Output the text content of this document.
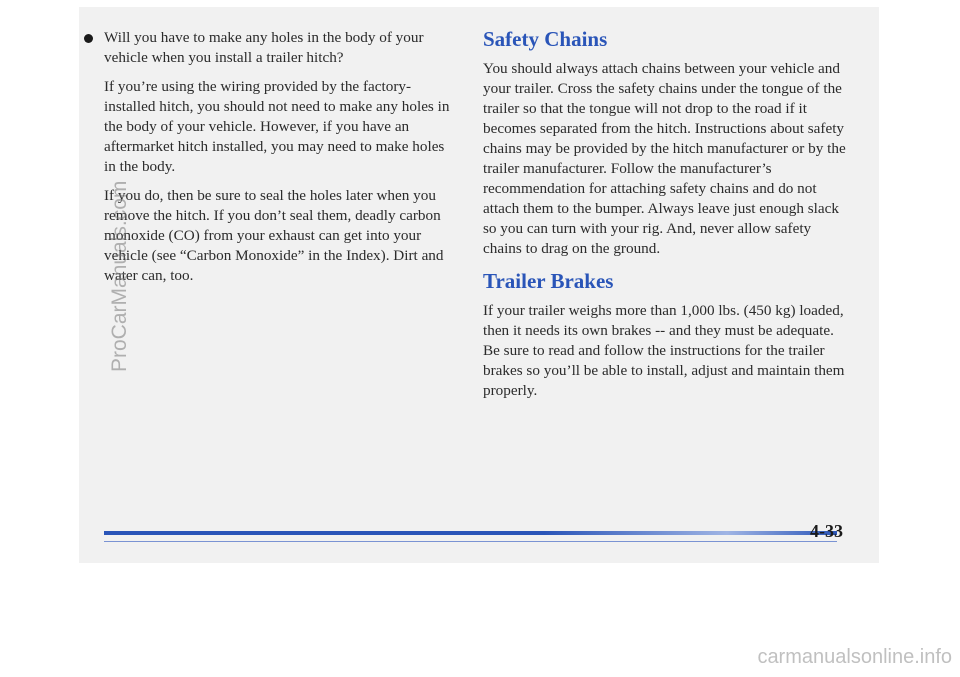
Will you have to make any holes in the body of your vehicle when you install a trailer hitch?

If you’re using the wiring provided by the factory-installed hitch, you should not need to make any holes in the body of your vehicle. However, if you have an aftermarket hitch installed, you may need to make holes in the body.

If you do, then be sure to seal the holes later when you remove the hitch. If you don’t seal them, deadly carbon monoxide (CO) from your exhaust can get into your vehicle (see “Carbon Monoxide” in the Index). Dirt and water can, too.

Safety Chains

You should always attach chains between your vehicle and your trailer. Cross the safety chains under the tongue of the trailer so that the tongue will not drop to the road if it becomes separated from the hitch. Instructions about safety chains may be provided by the hitch manufacturer or by the trailer manufacturer. Follow the manufacturer’s recommendation for attaching safety chains and do not attach them to the bumper. Always leave just enough slack so you can turn with your rig. And, never allow safety chains to drag on the ground.

Trailer Brakes

If your trailer weighs more than 1,000 lbs. (450 kg) loaded, then it needs its own brakes -- and they must be adequate. Be sure to read and follow the instructions for the trailer brakes so you’ll be able to install, adjust and maintain them properly.

4-33
ProCarManuals.com
carmanualsonline.info
